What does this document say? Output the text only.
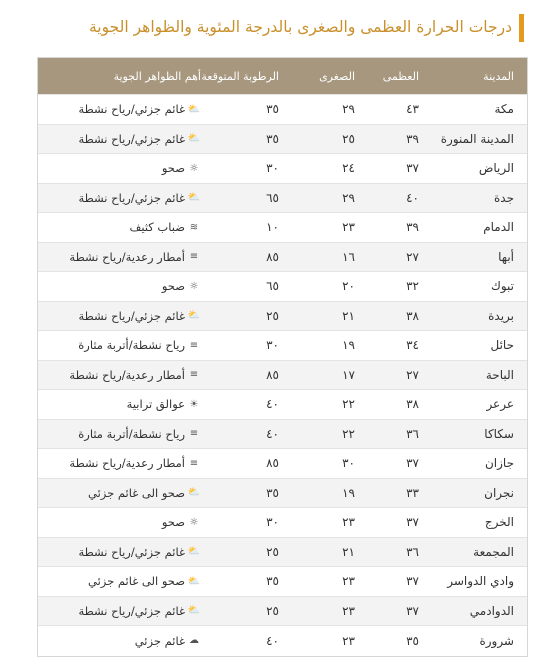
درجات الحرارة العظمى والصغرى بالدرجة المئوية والظواهر الجوية
المدينة
العظمى
الصغرى
الرطوبة المتوقعة
أهم الظواهر الجوية
مكة
٤٣
٢٩
٣٥
⛅
غائم جزئي/رياح نشطة
المدينة المنورة
٣٩
٢٥
٣٥
⛅
غائم جزئي/رياح نشطة
الرياض
٣٧
٢٤
٣٠
☼
صحو
جدة
٤٠
٢٩
٦٥
⛅
غائم جزئي/رياح نشطة
الدمام
٣٩
٢٣
١٠
≋
ضباب كثيف
أبها
٢٧
١٦
٨٥
≡
أمطار رعدية/رياح نشطة
تبوك
٣٢
٢٠
٦٥
☼
صحو
بريدة
٣٨
٢١
٢٥
⛅
غائم جزئي/رياح نشطة
حائل
٣٤
١٩
٣٠
≡
رياح نشطة/أتربة مثارة
الباحة
٢٧
١٧
٨٥
≡
أمطار رعدية/رياح نشطة
عرعر
٣٨
٢٢
٤٠
☀
عوالق ترابية
سكاكا
٣٦
٢٢
٤٠
≡
رياح نشطة/أتربة مثارة
جازان
٣٧
٣٠
٨٥
≡
أمطار رعدية/رياح نشطة
نجران
٣٣
١٩
٣٥
⛅
صحو الى غائم جزئي
الخرج
٣٧
٢٣
٣٠
☼
صحو
المجمعة
٣٦
٢١
٢٥
⛅
غائم جزئي/رياح نشطة
وادي الدواسر
٣٧
٢٣
٣٥
⛅
صحو الى غائم جزئي
الدوادمي
٣٧
٢٣
٢٥
⛅
غائم جزئي/رياح نشطة
شرورة
٣٥
٢٣
٤٠
☁
غائم جزئي
